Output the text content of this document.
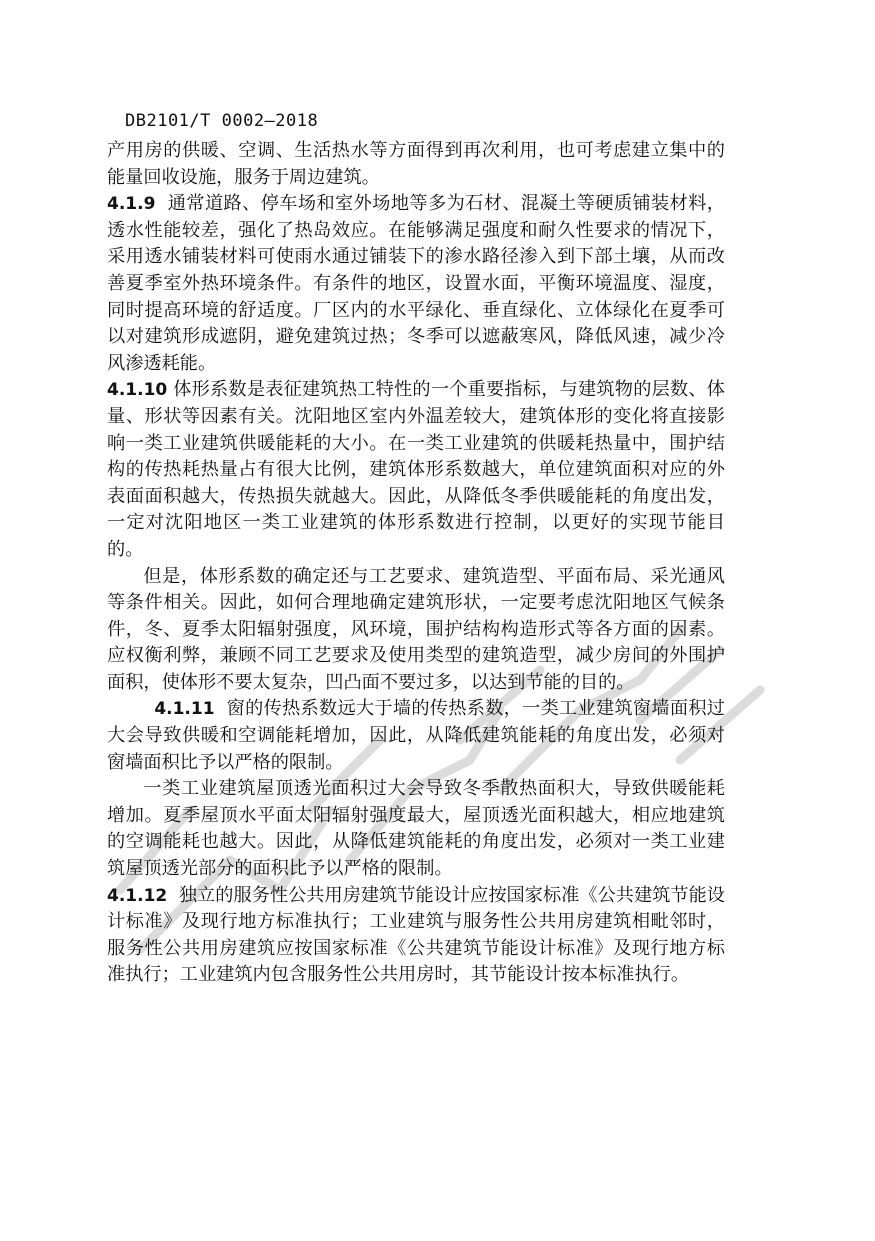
DB2101/T 0002—2018

产用房的供暖、空调、生活热水等方面得到再次利用，也可考虑建立集中的能量回收设施，服务于周边建筑。

4.1.9 通常道路、停车场和室外场地等多为石材、混凝土等硬质铺装材料，透水性能较差，强化了热岛效应。在能够满足强度和耐久性要求的情况下，采用透水铺装材料可使雨水通过铺装下的渗水路径渗入到下部土壤，从而改善夏季室外热环境条件。有条件的地区，设置水面，平衡环境温度、湿度，同时提高环境的舒适度。厂区内的水平绿化、垂直绿化、立体绿化在夏季可以对建筑形成遮阴，避免建筑过热；冬季可以遮蔽寒风，降低风速，减少冷风渗透耗能。

4.1.10 体形系数是表征建筑热工特性的一个重要指标，与建筑物的层数、体量、形状等因素有关。沈阳地区室内外温差较大，建筑体形的变化将直接影响一类工业建筑供暖能耗的大小。在一类工业建筑的供暖耗热量中，围护结构的传热耗热量占有很大比例，建筑体形系数越大，单位建筑面积对应的外表面面积越大，传热损失就越大。因此，从降低冬季供暖能耗的角度出发，一定对沈阳地区一类工业建筑的体形系数进行控制，以更好的实现节能目的。

但是，体形系数的确定还与工艺要求、建筑造型、平面布局、采光通风等条件相关。因此，如何合理地确定建筑形状，一定要考虑沈阳地区气候条件，冬、夏季太阳辐射强度，风环境，围护结构构造形式等各方面的因素。应权衡利弊，兼顾不同工艺要求及使用类型的建筑造型，减少房间的外围护面积，使体形不要太复杂，凹凸面不要过多，以达到节能的目的。

4.1.11 窗的传热系数远大于墙的传热系数，一类工业建筑窗墙面积过大会导致供暖和空调能耗增加，因此，从降低建筑能耗的角度出发，必须对窗墙面积比予以严格的限制。

一类工业建筑屋顶透光面积过大会导致冬季散热面积大，导致供暖能耗增加。夏季屋顶水平面太阳辐射强度最大，屋顶透光面积越大，相应地建筑的空调能耗也越大。因此，从降低建筑能耗的角度出发，必须对一类工业建筑屋顶透光部分的面积比予以严格的限制。

4.1.12 独立的服务性公共用房建筑节能设计应按国家标准《公共建筑节能设计标准》及现行地方标准执行；工业建筑与服务性公共用房建筑相毗邻时，服务性公共用房建筑应按国家标准《公共建筑节能设计标准》及现行地方标准执行；工业建筑内包含服务性公共用房时，其节能设计按本标准执行。
